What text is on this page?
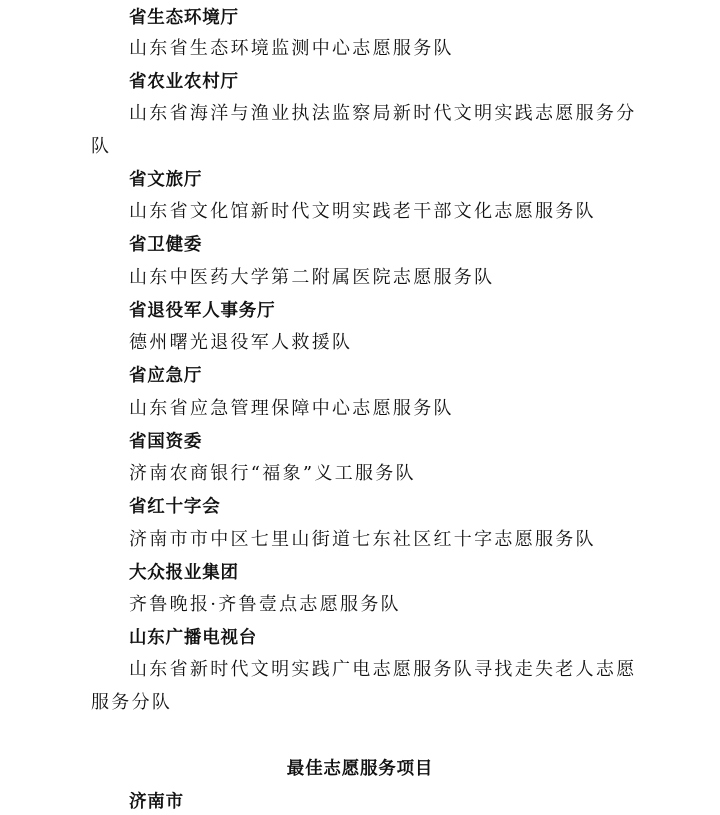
省生态环境厅
山东省生态环境监测中心志愿服务队
省农业农村厅
山东省海洋与渔业执法监察局新时代文明实践志愿服务分
队
省文旅厅
山东省文化馆新时代文明实践老干部文化志愿服务队
省卫健委
山东中医药大学第二附属医院志愿服务队
省退役军人事务厅
德州曙光退役军人救援队
省应急厅
山东省应急管理保障中心志愿服务队
省国资委
济南农商银行“福象”义工服务队
省红十字会
济南市市中区七里山街道七东社区红十字志愿服务队
大众报业集团
齐鲁晚报·齐鲁壹点志愿服务队
山东广播电视台
山东省新时代文明实践广电志愿服务队寻找走失老人志愿
服务分队
最佳志愿服务项目
济南市
